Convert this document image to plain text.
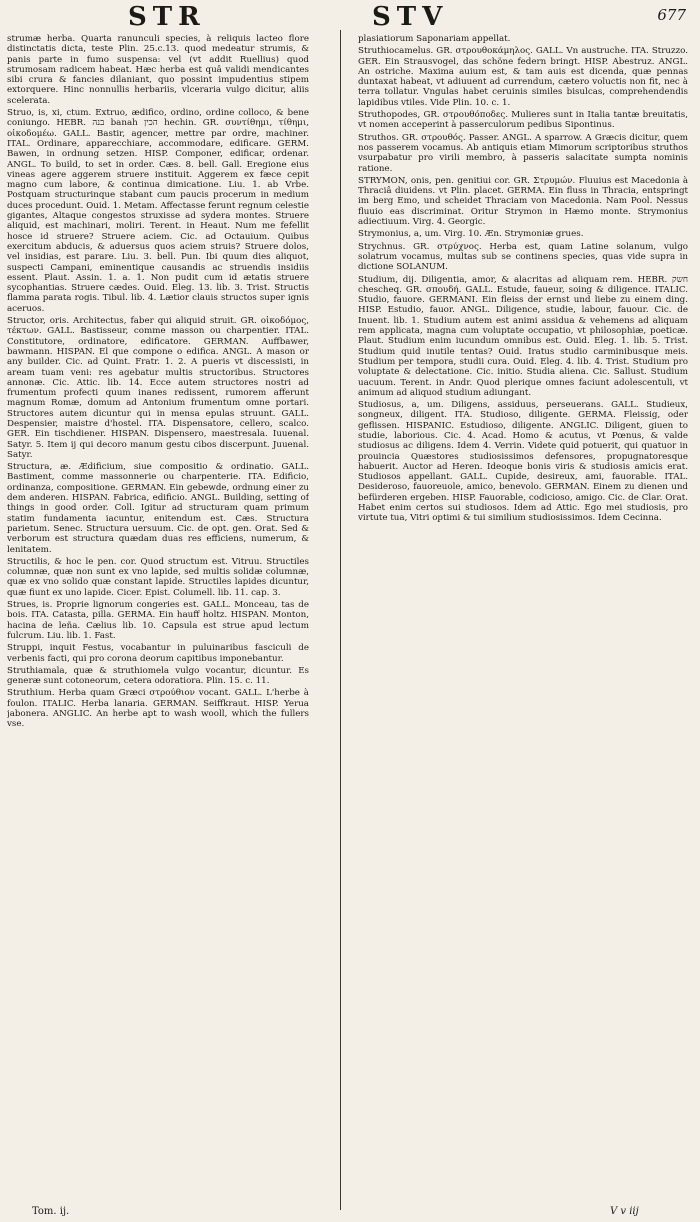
STR	STV	677

strumæ herba. Quarta ranunculi species, à reliquis lacteo flore distinctatis dicta, teste Plin. 25.c.13. quod medeatur strumis, & panis parte in fumo suspensa: vel (vt addit Ruellius) quod strumosam radicem habeat. Hæc herba est quâ validi mendicantes sibi crura & fancies dilaniant, quo possint impudentius stipem extorquere. Hinc nonnullis herbariis, vlceraria vulgo dicitur, aliis scelerata.

Struo, is, xi, ctum. Extruo, ædifico, ordino, ordine colloco, & bene coniungo. HEBR. בנה banah הכין hechin. GR. συντίθημι, τίθημι, οἰκοδομέω. GALL. Bastir, agencer, mettre par ordre, machiner. ITAL. Ordinare, apparecchiare, accommodare, edificare. GERM. Bawen, in ordnung setzen. HISP. Componer, edificar, ordenar. ANGL. To build, to set in order. Cæs. 8. bell. Gall. Eregione eius vineas agere aggerem struere instituit. Aggerem ex fæce cepit magno cum labore, & continua dimicatione. Liu. 1. ab Vrbe. Postquam structurinque stabant cum paucis procerum in medium duces procedunt. Ouid. 1. Metam. Affectasse ferunt regnum celestie gigantes, Altaque congestos struxisse ad sydera montes. Struere aliquid, est machinari, moliri. Terent. in Heaut. Num me fefellit hosce id struere? Struere aciem. Cic. ad Octauium. Quibus exercitum abducis, & aduersus quos aciem struis? Struere dolos, vel insidias, est parare. Liu. 3. bell. Pun. Ibi quum dies aliquot, suspecti Campani, eminentique causandis ac struendis insidiis essent. Plaut. Assin. 1. a. 1. Non pudit cum id ætatis struere sycophantias. Struere cædes. Ouid. Eleg. 13. lib. 3. Trist. Structis flamma parata rogis. Tibul. lib. 4. Lætior clauis structos super ignis aceruos.

Structor, oris. Architectus, faber qui aliquid struit. GR. οἰκοδόμος, τέκτων. GALL. Bastisseur, comme masson ou charpentier. ITAL. Constitutore, ordinatore, edificatore. GERMAN. Auffbawer, bawmann. HISPAN. El que compone o edifica. ANGL. A mason or any builder. Cic. ad Quint. Fratr. 1. 2. A pueris vt discessisti, in aream tuam veni: res agebatur multis structoribus. Structores annonæ. Cic. Attic. lib. 14. Ecce autem structores nostri ad frumentum profecti quum inanes redissent, rumorem afferunt magnum Romæ, domum ad Antonium frumentum omne portari. Structores autem dicuntur qui in mensa epulas struunt. GALL. Despensier, maistre d'hostel. ITA. Dispensatore, cellero, scalco. GER. Ein tischdiener. HISPAN. Dispensero, maestresala. Iuuenal. Satyr. 5. Item ij qui decoro manum gestu cibos discerpunt. Juuenal. Satyr.

Structura, æ. Ædificium, siue compositio & ordinatio. GALL. Bastiment, comme massonnerie ou charpenterie. ITA. Edificio, ordinanza, compositione. GERMAN. Ein gebewde, ordnung einer zu dem anderen. HISPAN. Fabrica, edificio. ANGL. Building, setting of things in good order. Coll. Igitur ad structuram quam primum statim fundamenta iacuntur, enitendum est. Cæs. Structura parietum. Senec. Structura uersuum. Cic. de opt. gen. Orat. Sed & verborum est structura quædam duas res efficiens, numerum, & lenitatem.

Structilis, & hoc le pen. cor. Quod structum est. Vitruu. Structiles columnæ, quæ non sunt ex vno lapide, sed multis solidæ columnæ, quæ ex vno solido quæ constant lapide. Structiles lapides dicuntur, quæ fiunt ex uno lapide. Cicer. Epist. Columell. lib. 11. cap. 3.

Strues, is. Proprie lignorum congeries est. GALL. Monceau, tas de bois. ITA. Catasta, pilla. GERMA. Ein hauff holtz. HISPAN. Monton, hacina de leña. Cælius lib. 10. Capsula est strue apud lectum fulcrum. Liu. lib. 1. Fast.

Struppi, inquit Festus, vocabantur in puluinaribus fasciculi de verbenis facti, qui pro corona deorum capitibus imponebantur.

Struthiamala, quæ & struthiomela vulgo vocantur, dicuntur. Es generæ sunt cotoneorum, cetera odoratiora. Plin. 15. c. 11.

Struthium. Herba quam Græci στρούθιον vocant. GALL. L'herbe à foulon. ITALIC. Herba lanaria. GERMAN. Seiffkraut. HISP. Yerua jabonera. ANGLIC. An herbe apt to wash wooll, which the fullers vse.

plasiatiorum Saponariam appellat.

Struthiocamelus. GR. στρουθοκάμηλος. GALL. Vn austruche. ITA. Struzzo. GER. Ein Strausvogel, das schöne federn bringt. HISP. Abestruz. ANGL. An ostriche. Maxima auium est, & tam auis est dicenda, quæ pennas duntaxat habeat, vt adiuuent ad currendum, cætero voluctis non fit, nec à terra tollatur. Vngulas habet ceruinis similes bisulcas, comprehendendis lapidibus vtiles. Vide Plin. 10. c. 1.

Struthopodes, GR. στρουθόποδες. Mulieres sunt in Italia tantæ breuitatis, vt nomen acceperint à passerculorum pedibus Sipontinus.

Struthos. GR. στρουθός. Passer. ANGL. A sparrow. A Græcis dicitur, quem nos passerem vocamus. Ab antiquis etiam Mimorum scriptoribus struthos vsurpabatur pro virili membro, à passeris salacitate sumpta nominis ratione.

STRYMON, onis, pen. genitiui cor. GR. Στρυμών. Fluuius est Macedonia à Thraciâ diuidens. vt Plin. placet. GERMA. Ein fluss in Thracia, entspringt im berg Emo, und scheidet Thraciam von Macedonia. Nam Pool. Nessus fluuio eas discriminat. Oritur Strymon in Hæmo monte. Strymonius adiectiuum. Virg. 4. Georgic.

Strymonius, a, um. Virg. 10. Æn. Strymoniæ grues.

Strychnus. GR. στρύχνος. Herba est, quam Latine solanum, vulgo solatrum vocamus, multas sub se continens species, quas vide supra in dictione SOLANUM.

Studium, dij. Diligentia, amor, & alacritas ad aliquam rem. HEBR. חשק chescheq. GR. σπουδή. GALL. Estude, faueur, soing & diligence. ITALIC. Studio, fauore. GERMANI. Ein fleiss der ernst und liebe zu einem ding. HISP. Estudio, fauor. ANGL. Diligence, studie, labour, fauour. Cic. de Inuent. lib. 1. Studium autem est animi assidua & vehemens ad aliquam rem applicata, magna cum voluptate occupatio, vt philosophiæ, poeticæ. Plaut. Studium enim iucundum omnibus est. Ouid. Eleg. 1. lib. 5. Trist. Studium quid inutile tentas? Ouid. Iratus studio carminibusque meis. Studium per tempora, studii cura. Ouid. Eleg. 4. lib. 4. Trist. Studium pro voluptate & delectatione. Cic. initio. Studia aliena. Cic. Sallust. Studium uacuum. Terent. in Andr. Quod plerique omnes faciunt adolescentuli, vt animum ad aliquod studium adiungant.

Studiosus, a, um. Diligens, assiduus, perseuerans. GALL. Studieux, songneux, diligent. ITA. Studioso, diligente. GERMA. Fleissig, oder geflissen. HISPANIC. Estudioso, diligente. ANGLIC. Diligent, giuen to studie, laborious. Cic. 4. Acad. Homo & acutus, vt Pœnus, & valde studiosus ac diligens. Idem 4. Verrin. Videte quid potuerit, qui quatuor in prouincia Quæstores studiosissimos defensores, propugnatoresque habuerit. Auctor ad Heren. Ideoque bonis viris & studiosis amicis erat. Studiosos appellant. GALL. Cupide, desireux, ami, fauorable. ITAL. Desideroso, fauoreuole, amico, benevolo. GERMAN. Einem zu dienen und befürderen ergeben. HISP. Fauorable, codicioso, amigo. Cic. de Clar. Orat. Habet enim certos sui studiosos. Idem ad Attic. Ego mei studiosis, pro virtute tua, Vitri optimi & tui similium studiosissimos. Idem Cecinna.

Tom. ij.	V v iij
